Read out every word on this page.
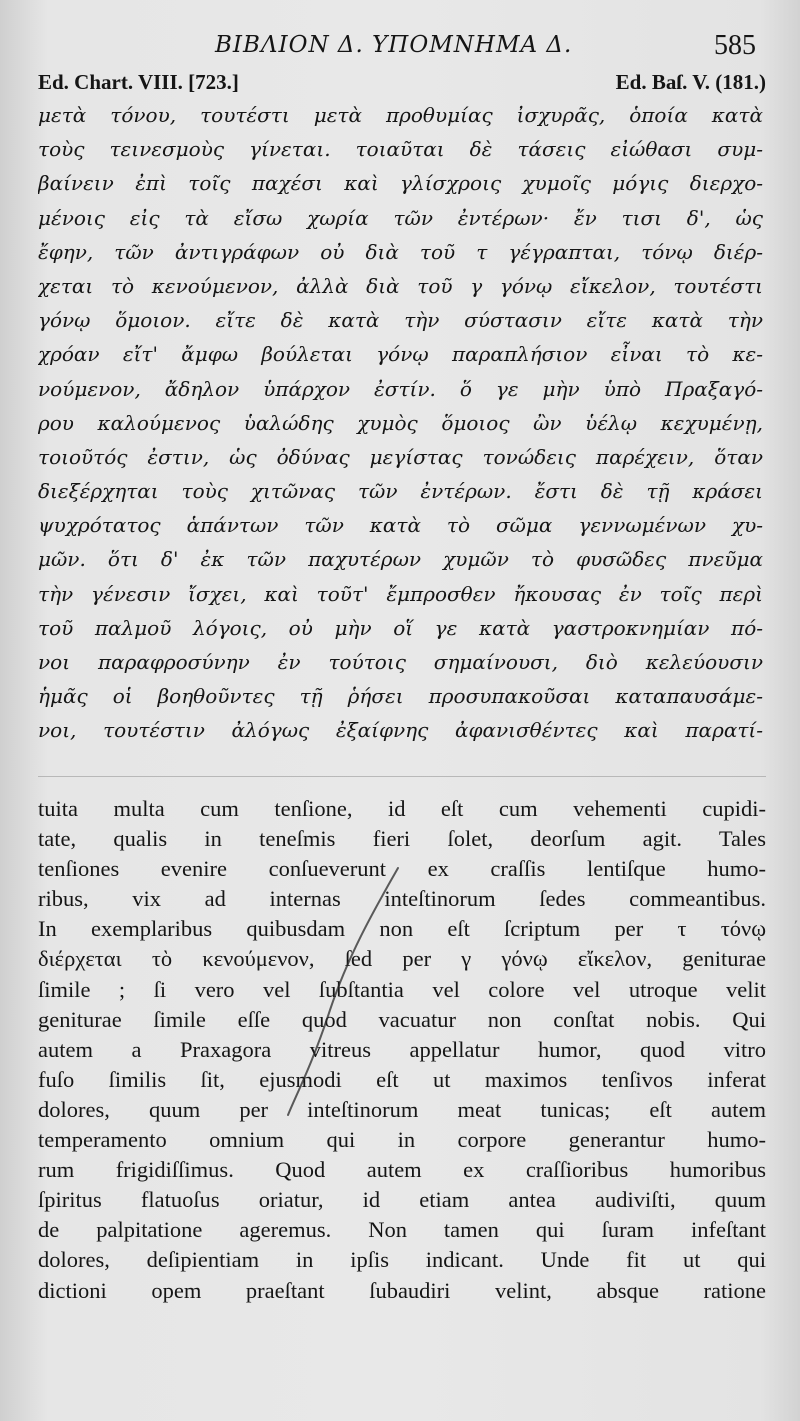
ΒΙΒΛΙΟΝ Δ. ΥΠΟΜΝΗΜΑ Δ.	585
Ed. Chart. VIII. [723.]	Ed. Baſ. V. (181.)
μετὰ τόνου, τουτέστι μετὰ προθυμίας ἰσχυρᾶς, ὁποία κατὰ
τοὺς τεινεσμοὺς γίνεται. τοιαῦται δὲ τάσεις εἰώθασι συμ-
βαίνειν ἐπὶ τοῖς παχέσι καὶ γλίσχροις χυμοῖς μόγις διερχο-
μένοις εἰς τὰ εἴσω χωρία τῶν ἐντέρων· ἔν τισι δ', ὡς
ἔφην, τῶν ἀντιγράφων οὐ διὰ τοῦ τ γέγραπται, τόνῳ διέρ-
χεται τὸ κενούμενον, ἀλλὰ διὰ τοῦ γ γόνῳ εἴκελον, τουτέστι
γόνῳ ὅμοιον. εἴτε δὲ κατὰ τὴν σύστασιν εἴτε κατὰ τὴν
χρόαν εἴτ' ἄμφω βούλεται γόνῳ παραπλήσιον εἶναι τὸ κε-
νούμενον, ἄδηλον ὑπάρχον ἐστίν. ὅ γε μὴν ὑπὸ Πραξαγό-
ρου καλούμενος ὑαλώδης χυμὸς ὅμοιος ὢν ὑέλῳ κεχυμένῃ,
τοιοῦτός ἐστιν, ὡς ὀδύνας μεγίστας τονώδεις παρέχειν, ὅταν
διεξέρχηται τοὺς χιτῶνας τῶν ἐντέρων. ἔστι δὲ τῇ κράσει
ψυχρότατος ἁπάντων τῶν κατὰ τὸ σῶμα γεννωμένων χυ-
μῶν. ὅτι δ' ἐκ τῶν παχυτέρων χυμῶν τὸ φυσῶδες πνεῦμα
τὴν γένεσιν ἴσχει, καὶ τοῦτ' ἔμπροσθεν ἤκουσας ἐν τοῖς περὶ
τοῦ παλμοῦ λόγοις, οὐ μὴν οἵ γε κατὰ γαστροκνημίαν πό-
νοι παραφροσύνην ἐν τούτοις σημαίνουσι, διὸ κελεύουσιν
ἡμᾶς οἱ βοηθοῦντες τῇ ῥήσει προσυπακοῦσαι καταπαυσάμε-
νοι, τουτέστιν ἀλόγως ἐξαίφνης ἀφανισθέντες καὶ παρατί-
tuita multa cum tenſione, id eſt cum vehementi cupidi-
tate, qualis in teneſmis fieri ſolet, deorſum agit. Tales
tenſiones evenire conſueverunt ex craſſis lentiſque humo-
ribus, vix ad internas inteſtinorum ſedes commeantibus.
In exemplaribus quibusdam non eſt ſcriptum per τ τόνῳ
διέρχεται τὸ κενούμενον, ſed per γ γόνῳ εἴκελον, geniturae
ſimile ; ſi vero vel ſubſtantia vel colore vel utroque velit
geniturae ſimile eſſe quod vacuatur non conſtat nobis. Qui
autem a Praxagora vitreus appellatur humor, quod vitro
fuſo ſimilis ſit, ejusmodi eſt ut maximos tenſivos inferat
dolores, quum per inteſtinorum meat tunicas; eſt autem
temperamento omnium qui in corpore generantur humo-
rum frigidiſſimus. Quod autem ex craſſioribus humoribus
ſpiritus flatuoſus oriatur, id etiam antea audiviſti, quum
de palpitatione ageremus. Non tamen qui ſuram infeſtant
dolores, deſipientiam in ipſis indicant. Unde fit ut qui
dictioni opem praeſtant ſubaudiri velint, absque ratione
